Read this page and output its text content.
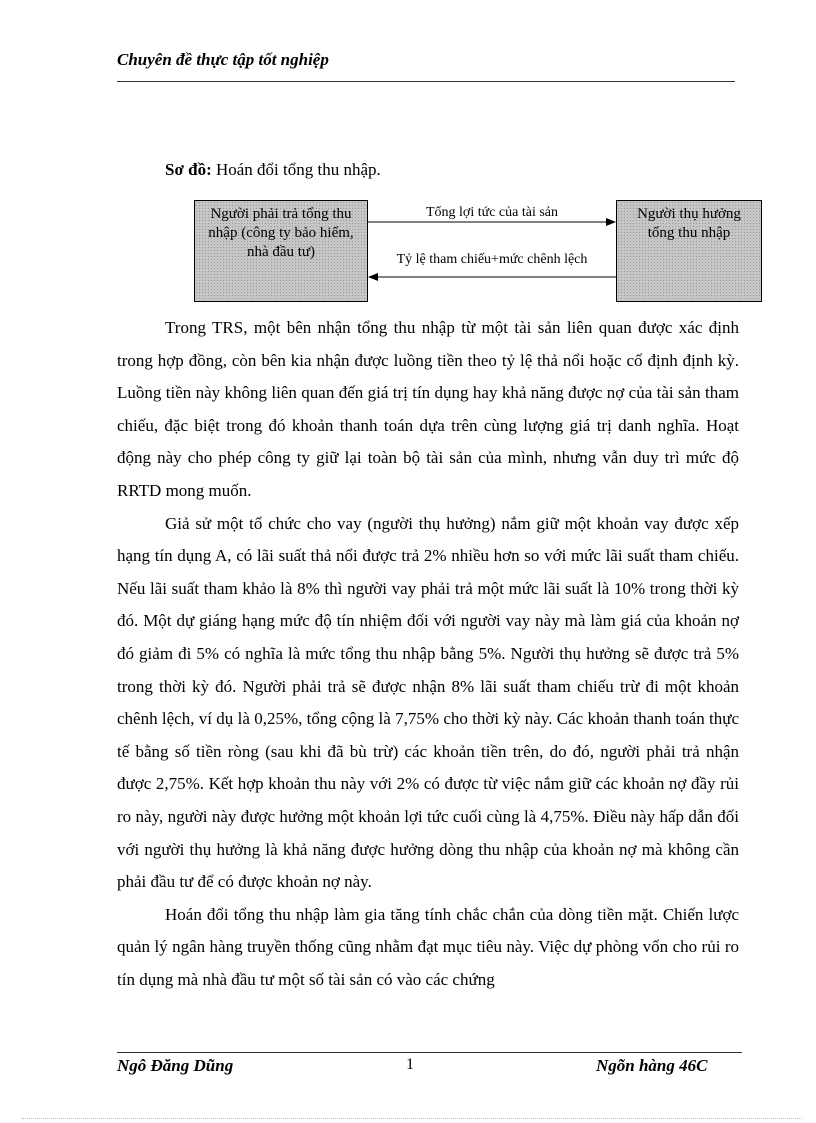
Chuyên đề thực tập tốt nghiệp
Sơ đồ: Hoán đổi tổng thu nhập.
Người phải trả tổng thu nhập (công ty bảo hiểm, nhà đầu tư)
Người thụ hưởng tổng thu nhập
Tổng lợi tức của tài sản
Tỷ lệ tham chiếu+mức chênh lệch

Trong TRS, một bên nhận tổng thu nhập từ một tài sản liên quan được xác định trong hợp đồng, còn bên kia nhận được luồng tiền theo tỷ lệ thả nổi hoặc cố định định kỳ. Luồng tiền này không liên quan đến giá trị tín dụng hay khả năng được nợ của tài sản tham chiếu, đặc biệt trong đó khoản thanh toán dựa trên cùng lượng giá trị danh nghĩa. Hoạt động này cho phép công ty giữ lại toàn bộ tài sản của mình, nhưng vẫn duy trì mức độ RRTD mong muốn.

Giả sử một tổ chức cho vay (người thụ hưởng) nắm giữ một khoản vay được xếp hạng tín dụng A, có lãi suất thả nổi được trả 2% nhiều hơn so với mức lãi suất tham chiếu. Nếu lãi suất tham khảo là 8% thì người vay phải trả một mức lãi suất là 10% trong thời kỳ đó. Một dự giáng hạng mức độ tín nhiệm đối với người vay này mà làm giá của khoản nợ đó giảm đi 5% có nghĩa là mức tổng thu nhập bằng 5%. Người thụ hưởng sẽ được trả 5% trong thời kỳ đó. Người phải trả sẽ được nhận 8% lãi suất tham chiếu trừ đi một khoản chênh lệch, ví dụ là 0,25%, tổng cộng là 7,75% cho thời kỳ này. Các khoản thanh toán thực tế bằng số tiền ròng (sau khi đã bù trừ) các khoản tiền trên, do đó, người phải trả nhận được 2,75%. Kết hợp khoản thu này với 2% có được từ việc nắm giữ các khoản nợ đầy rủi ro này, người này được hưởng một khoản lợi tức cuối cùng là 4,75%. Điều này hấp dẫn đối với người thụ hưởng là khả năng được hưởng dòng thu nhập của khoản nợ mà không cần phải đầu tư để có được khoản nợ này.

Hoán đổi tổng thu nhập làm gia tăng tính chắc chắn của dòng tiền mặt. Chiến lược quản lý ngân hàng truyền thống cũng nhằm đạt mục tiêu này. Việc dự phòng vốn cho rủi ro tín dụng mà nhà đầu tư một số tài sản có vào các chứng

Ngô Đăng Dũng	1	Ngõn hàng 46C
